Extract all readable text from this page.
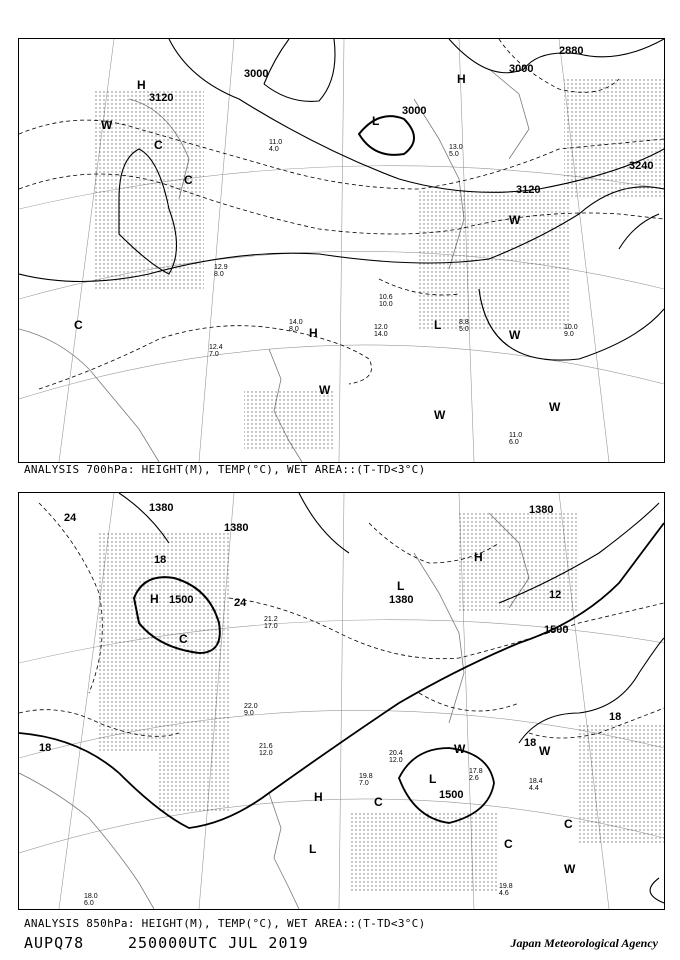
3000
3000
3000
3120
3120
3240
2880
H
H
H
L
L
C
C
C
W
W
W
W
W
W
11.0 4.0
12.4 7.0
12.9 8.0
14.0 8.0
10.6 10.0
8.8 5.0	10.0 9.0
11.0 6.0
12.0 14.0
13.0 5.0
ANALYSIS 700hPa: HEIGHT(M), TEMP(°C), WET AREA::(T-TD<3°C)
1500
1500
1500
1380
1380
1380
1380
24
18
18	18
18
12
24
H
H
H
L
L
L
C
C
C
C
W	W
W
21.6 12.0
19.8 7.0
20.4 12.0
18.4 4.4
19.8 4.6
17.8 2.6
18.0 6.0
22.0 9.0
21.2 17.0
ANALYSIS 850hPa: HEIGHT(M), TEMP(°C), WET AREA::(T-TD<3°C)
AUPQ78	250000UTC JUL 2019	Japan Meteorological Agency
